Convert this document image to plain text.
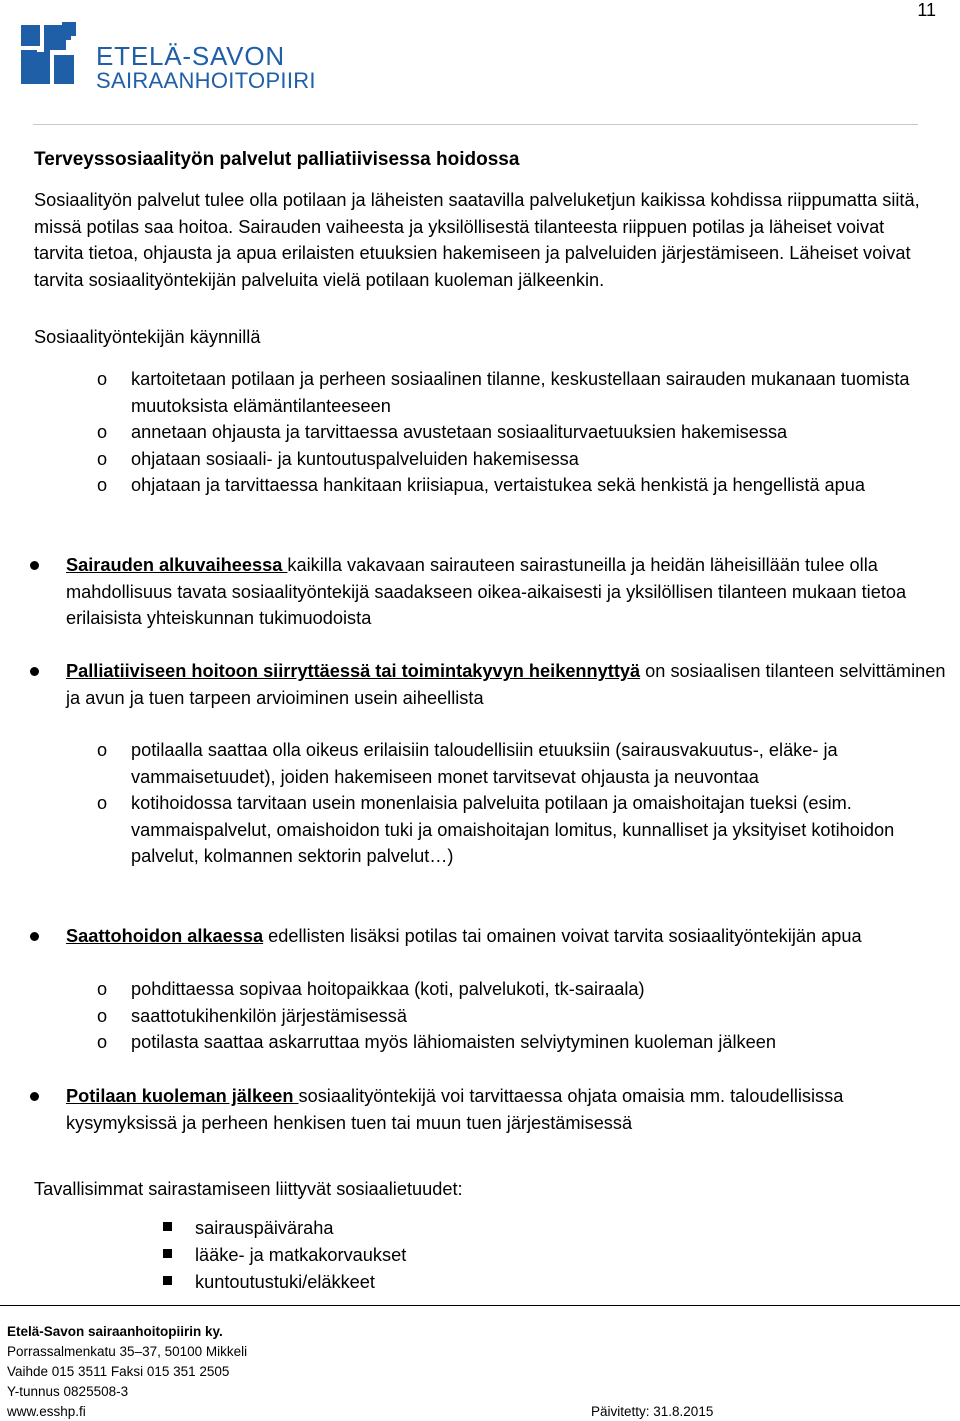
11
ETELÄ-SAVON
SAIRAANHOITOPIIRI
Terveyssosiaalityön palvelut palliatiivisessa hoidossa

Sosiaalityön palvelut tulee olla potilaan ja läheisten saatavilla palveluketjun kaikissa kohdissa riippumatta siitä, missä potilas saa hoitoa. Sairauden vaiheesta ja yksilöllisestä tilanteesta riippuen potilas ja läheiset voivat tarvita tietoa, ohjausta ja apua erilaisten etuuksien hakemiseen ja palveluiden järjestämiseen. Läheiset voivat tarvita sosiaalityöntekijän palveluita vielä potilaan kuoleman jälkeenkin.

Sosiaalityöntekijän käynnillä

o kartoitetaan potilaan ja perheen sosiaalinen tilanne, keskustellaan sairauden mukanaan tuomista muutoksista elämäntilanteeseen
o annetaan ohjausta ja tarvittaessa avustetaan sosiaaliturvaetuuksien hakemisessa
o ohjataan sosiaali- ja kuntoutuspalveluiden hakemisessa
o ohjataan ja tarvittaessa hankitaan kriisiapua, vertaistukea sekä henkistä ja hengellistä apua
Sairauden alkuvaiheessa kaikilla vakavaan sairauteen sairastuneilla ja heidän läheisillään tulee olla mahdollisuus tavata sosiaalityöntekijä saadakseen oikea-aikaisesti ja yksilöllisen tilanteen mukaan tietoa erilaisista yhteiskunnan tukimuodoista
Palliatiiviseen hoitoon siirryttäessä tai toimintakyvyn heikennyttyä on sosiaalisen tilanteen selvittäminen ja avun ja tuen tarpeen arvioiminen usein aiheellista
o potilaalla saattaa olla oikeus erilaisiin taloudellisiin etuuksiin (sairausvakuutus-, eläke- ja vammaisetuudet), joiden hakemiseen monet tarvitsevat ohjausta ja neuvontaa
o kotihoidossa tarvitaan usein monenlaisia palveluita potilaan ja omaishoitajan tueksi (esim. vammaispalvelut, omaishoidon tuki ja omaishoitajan lomitus, kunnalliset ja yksityiset kotihoidon palvelut, kolmannen sektorin palvelut…)
Saattohoidon alkaessa edellisten lisäksi potilas tai omainen voivat tarvita sosiaalityöntekijän apua
o pohdittaessa sopivaa hoitopaikkaa (koti, palvelukoti, tk-sairaala)
o saattotukihenkilön järjestämisessä
o potilasta saattaa askarruttaa myös lähiomaisten selviytyminen kuoleman jälkeen
Potilaan kuoleman jälkeen sosiaalityöntekijä voi tarvittaessa ohjata omaisia mm. taloudellisissa kysymyksissä ja perheen henkisen tuen tai muun tuen järjestämisessä

Tavallisimmat sairastamiseen liittyvät sosiaalietuudet:

sairauspäiväraha
lääke- ja matkakorvaukset
kuntoutustuki/eläkkeet
Etelä-Savon sairaanhoitopiirin ky.
Porrassalmenkatu 35–37, 50100 Mikkeli
Vaihde 015 3511 Faksi 015 351 2505
Y-tunnus 0825508-3
www.esshp.fi	Päivitetty: 31.8.2015
